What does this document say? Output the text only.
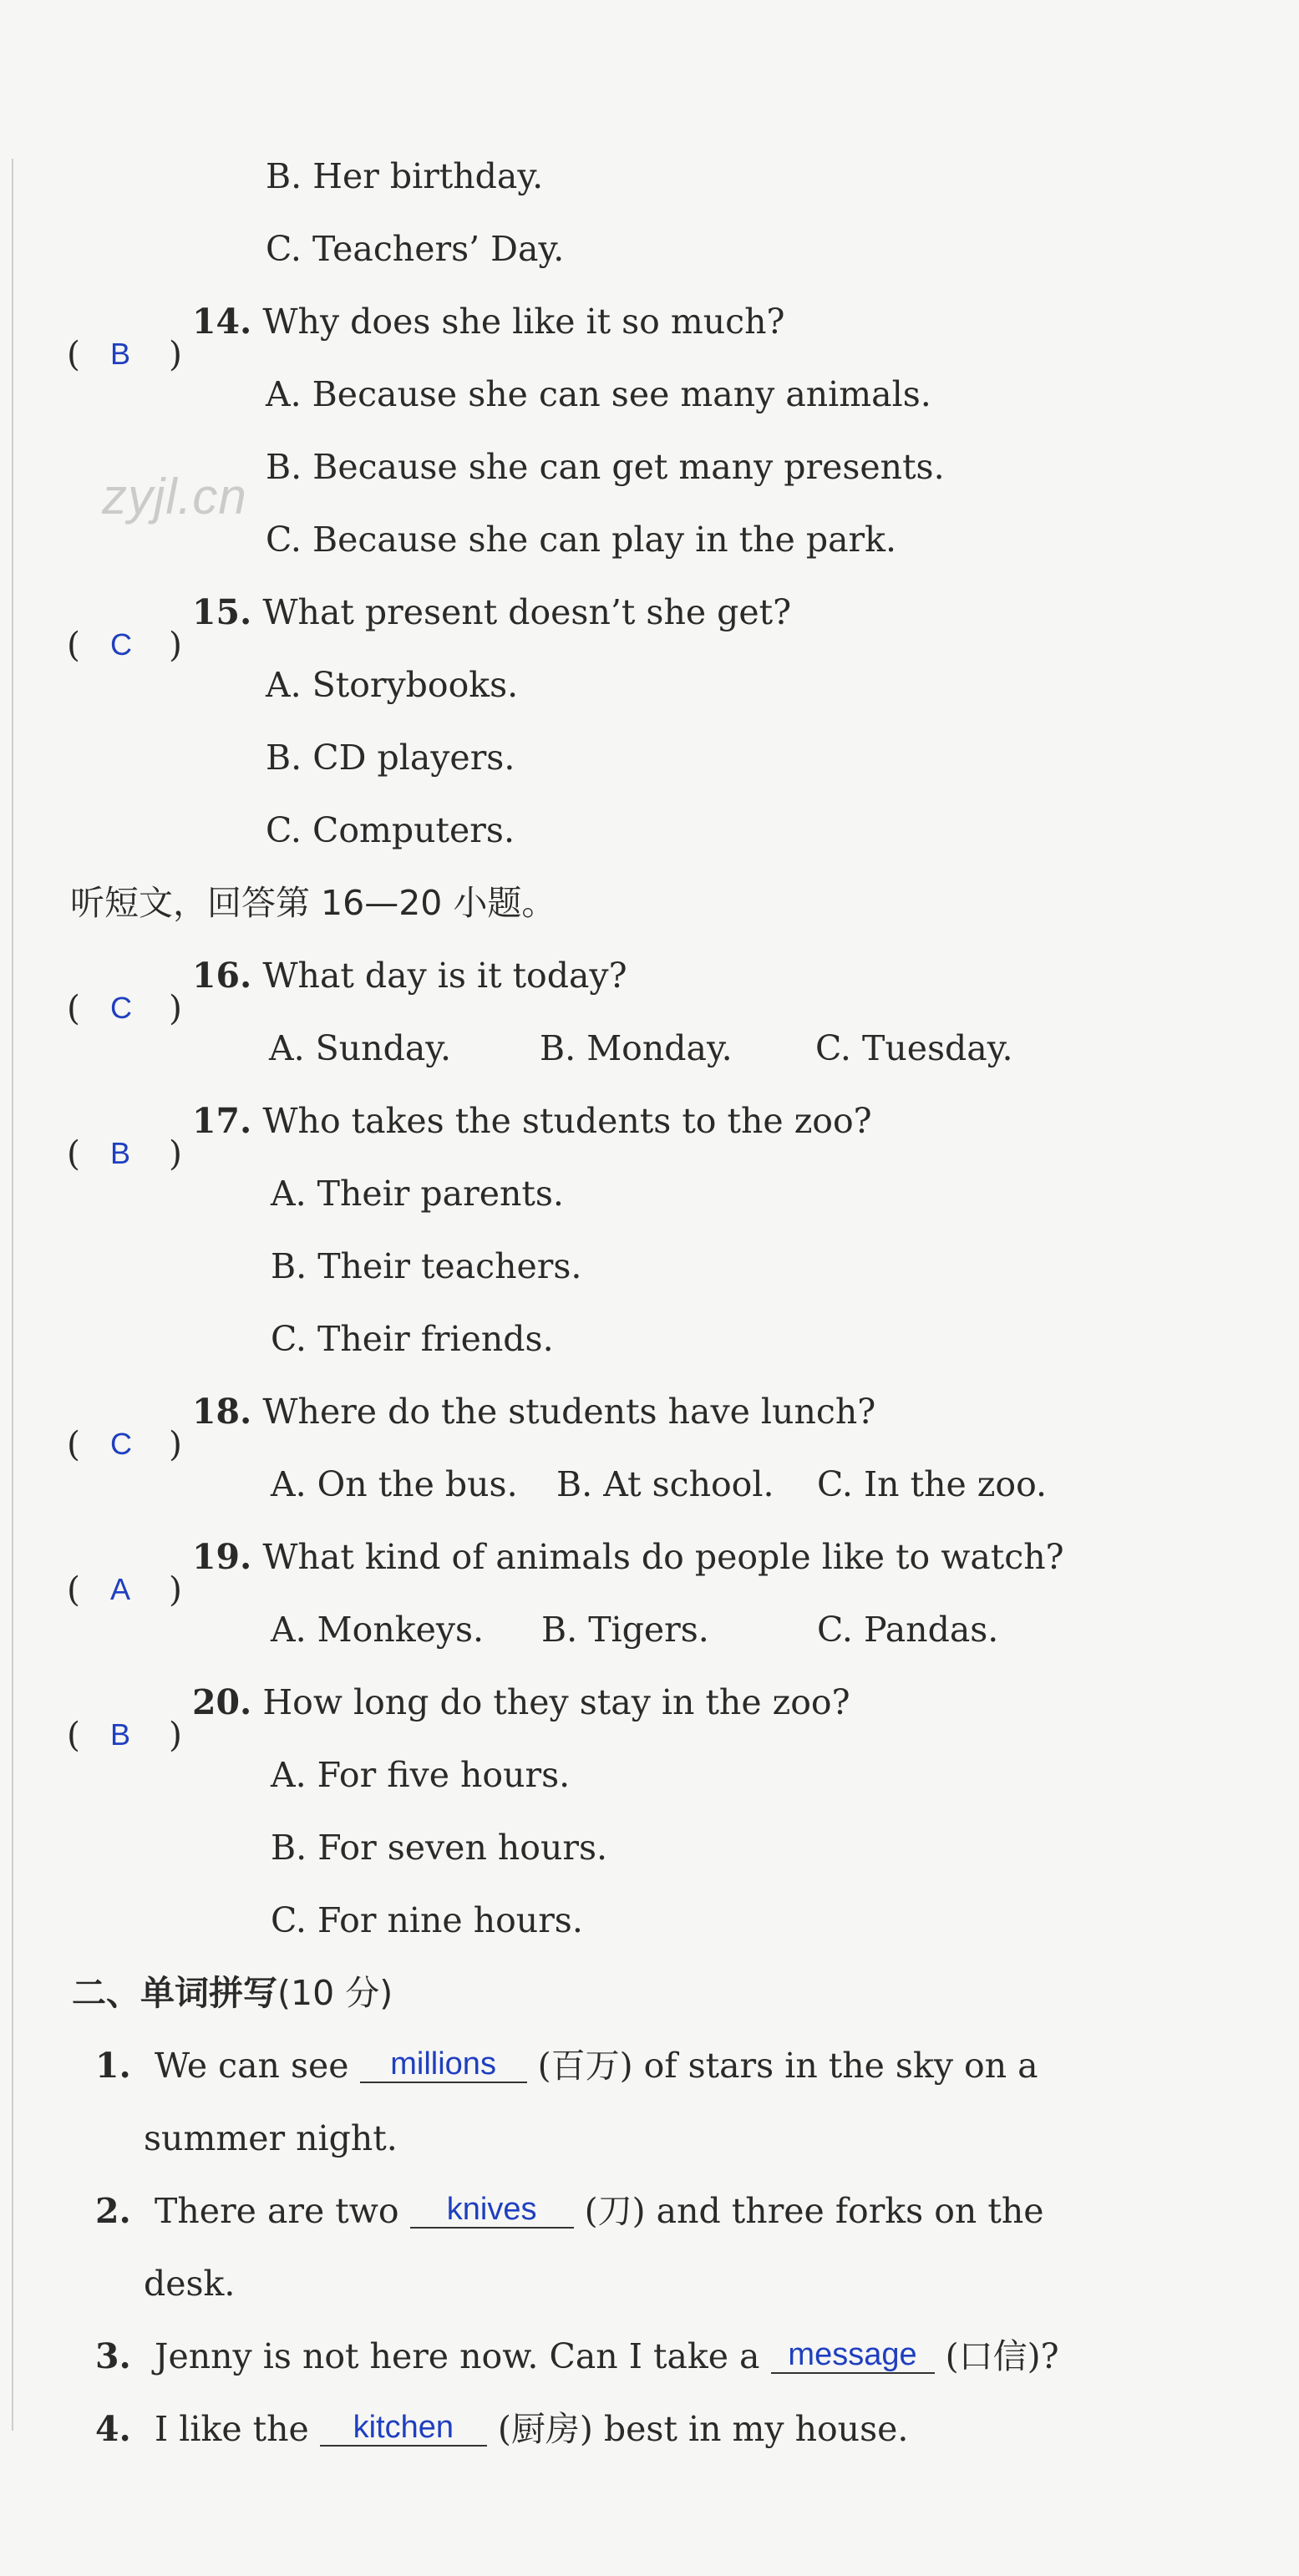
zyjl.cn
B. Her birthday.
C. Teachers’ Day.
( B )
14. Why does she like it so much?
A. Because she can see many animals.
B. Because she can get many presents.
C. Because she can play in the park.
( C )
15. What present doesn’t she get?
A. Storybooks.
B. CD players.
C. Computers.
听短文，回答第 16—20 小题。
( C )
16. What day is it today?
A. Sunday.	B. Monday. C. Tuesday.
( B )
17. Who takes the students to the zoo?
A. Their parents.
B. Their teachers.
C. Their friends.
( C )
18. Where do the students have lunch?
A. On the bus. B. At school. C. In the zoo.
( A )
19. What kind of animals do people like to watch?
A. Monkeys. B. Tigers.	C. Pandas.
( B )
20. How long do they stay in the zoo?
A. For five hours.
B. For seven hours.
C. For nine hours.
二、单词拼写(10 分)
1. We can see millions (百万) of stars in the sky on a
summer night.
2. There are two knives (刀) and three forks on the
desk.
3. Jenny is not here now. Can I take a message (口信)?
4. I like the kitchen (厨房) best in my house.
